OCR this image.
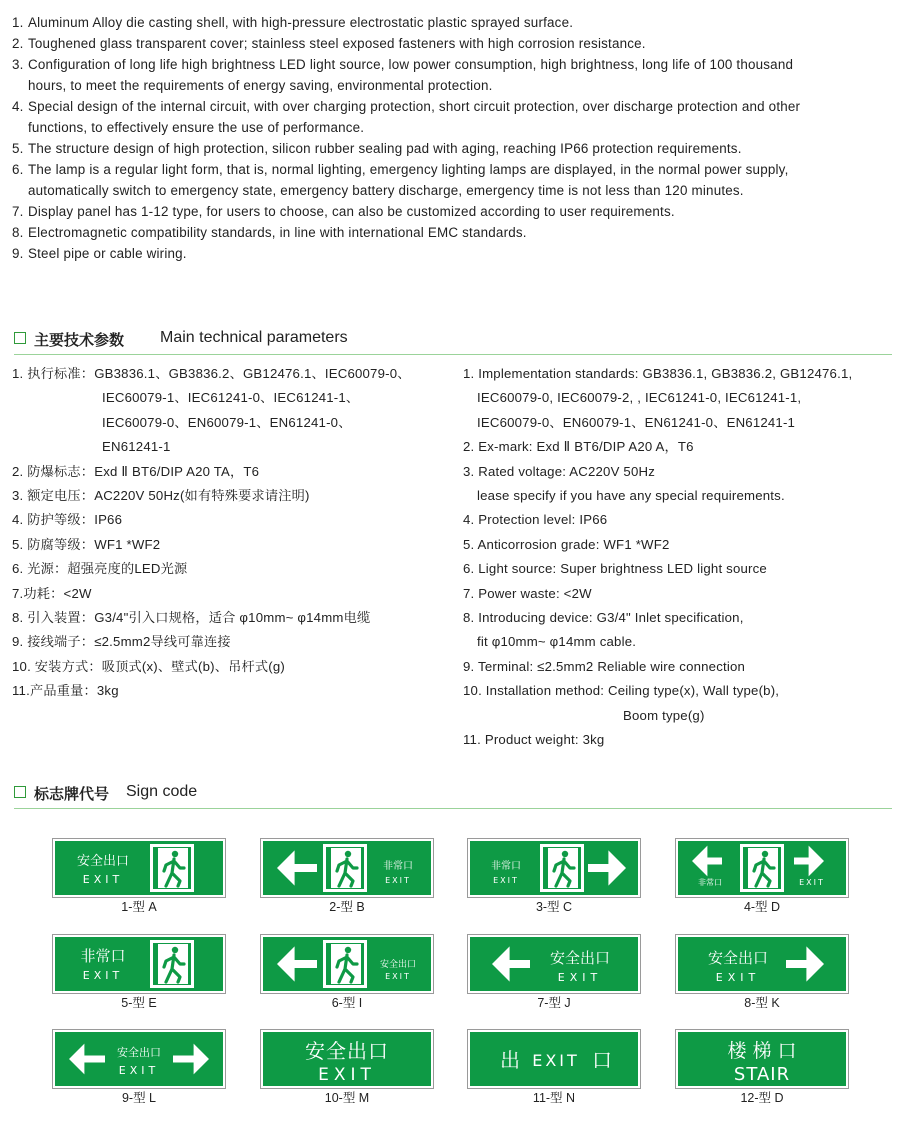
1. Aluminum Alloy die casting shell, with high-pressure electrostatic plastic sprayed surface.
2. Toughened glass transparent cover; stainless steel exposed fasteners with high corrosion resistance.
3. Configuration of long life high brightness LED light source, low power consumption, high brightness, long life of 100 thousand
hours, to meet the requirements of energy saving, environmental protection.
4. Special design of the internal circuit, with over charging protection, short circuit protection, over discharge protection and other
functions, to effectively ensure the use of performance.
5. The structure design of high protection, silicon rubber sealing pad with aging, reaching IP66 protection requirements.
6. The lamp is a regular light form, that is, normal lighting, emergency lighting lamps are displayed, in the normal power supply,
automatically switch to emergency state, emergency battery discharge, emergency time is not less than 120 minutes.
7. Display panel has 1-12 type, for users to choose, can also be customized according to user requirements.
8. Electromagnetic compatibility standards, in line with international EMC standards.
9. Steel pipe or cable wiring.
主要技术参数 Main technical parameters
1. 执行标准：GB3836.1、GB3836.2、GB12476.1、IEC60079-0、
IEC60079-1、IEC61241-0、IEC61241-1、
IEC60079-0、EN60079-1、EN61241-0、
EN61241-1
2. 防爆标志：Exd Ⅱ BT6/DIP A20 TA，T6
3. 额定电压：AC220V 50Hz(如有特殊要求请注明)
4. 防护等级：IP66
5. 防腐等级：WF1 *WF2
6. 光源：超强亮度的LED光源
7.功耗：<2W
8. 引入装置：G3/4"引入口规格，适合 φ10mm~ φ14mm电缆
9. 接线端子：≤2.5mm2导线可靠连接
10. 安装方式：吸顶式(x)、壁式(b)、吊杆式(g)
11.产品重量：3kg
1. Implementation standards: GB3836.1, GB3836.2, GB12476.1,
IEC60079-0, IEC60079-2, , IEC61241-0, IEC61241-1,
IEC60079-0、EN60079-1、EN61241-0、EN61241-1
2. Ex-mark: Exd Ⅱ BT6/DIP A20 A，T6
3. Rated voltage: AC220V 50Hz
lease specify if you have any special requirements.
4. Protection level: IP66
5. Anticorrosion grade: WF1 *WF2
6. Light source: Super brightness LED light source
7. Power waste: <2W
8. Introducing device: G3/4" Inlet specification,
fit φ10mm~ φ14mm cable.
9. Terminal: ≤2.5mm2 Reliable wire connection
10. Installation method: Ceiling type(x), Wall type(b),
Boom type(g)
11. Product weight: 3kg
标志牌代号 Sign code
安全出口
EXIT
1-型 A
非常口
EXIT
2-型 B
非常口
EXIT
3-型 C
非常口	EXIT
4-型 D
非常口
EXIT
5-型 E
安全出口
EXIT
6-型 I
安全出口
EXIT
7-型 J
安全出口
EXIT
8-型 K
安全出口
EXIT
9-型 L
安全出口
EXIT
10-型 M
出 EXIT 口
11-型 N
楼 梯 口
STAIR
12-型 D
